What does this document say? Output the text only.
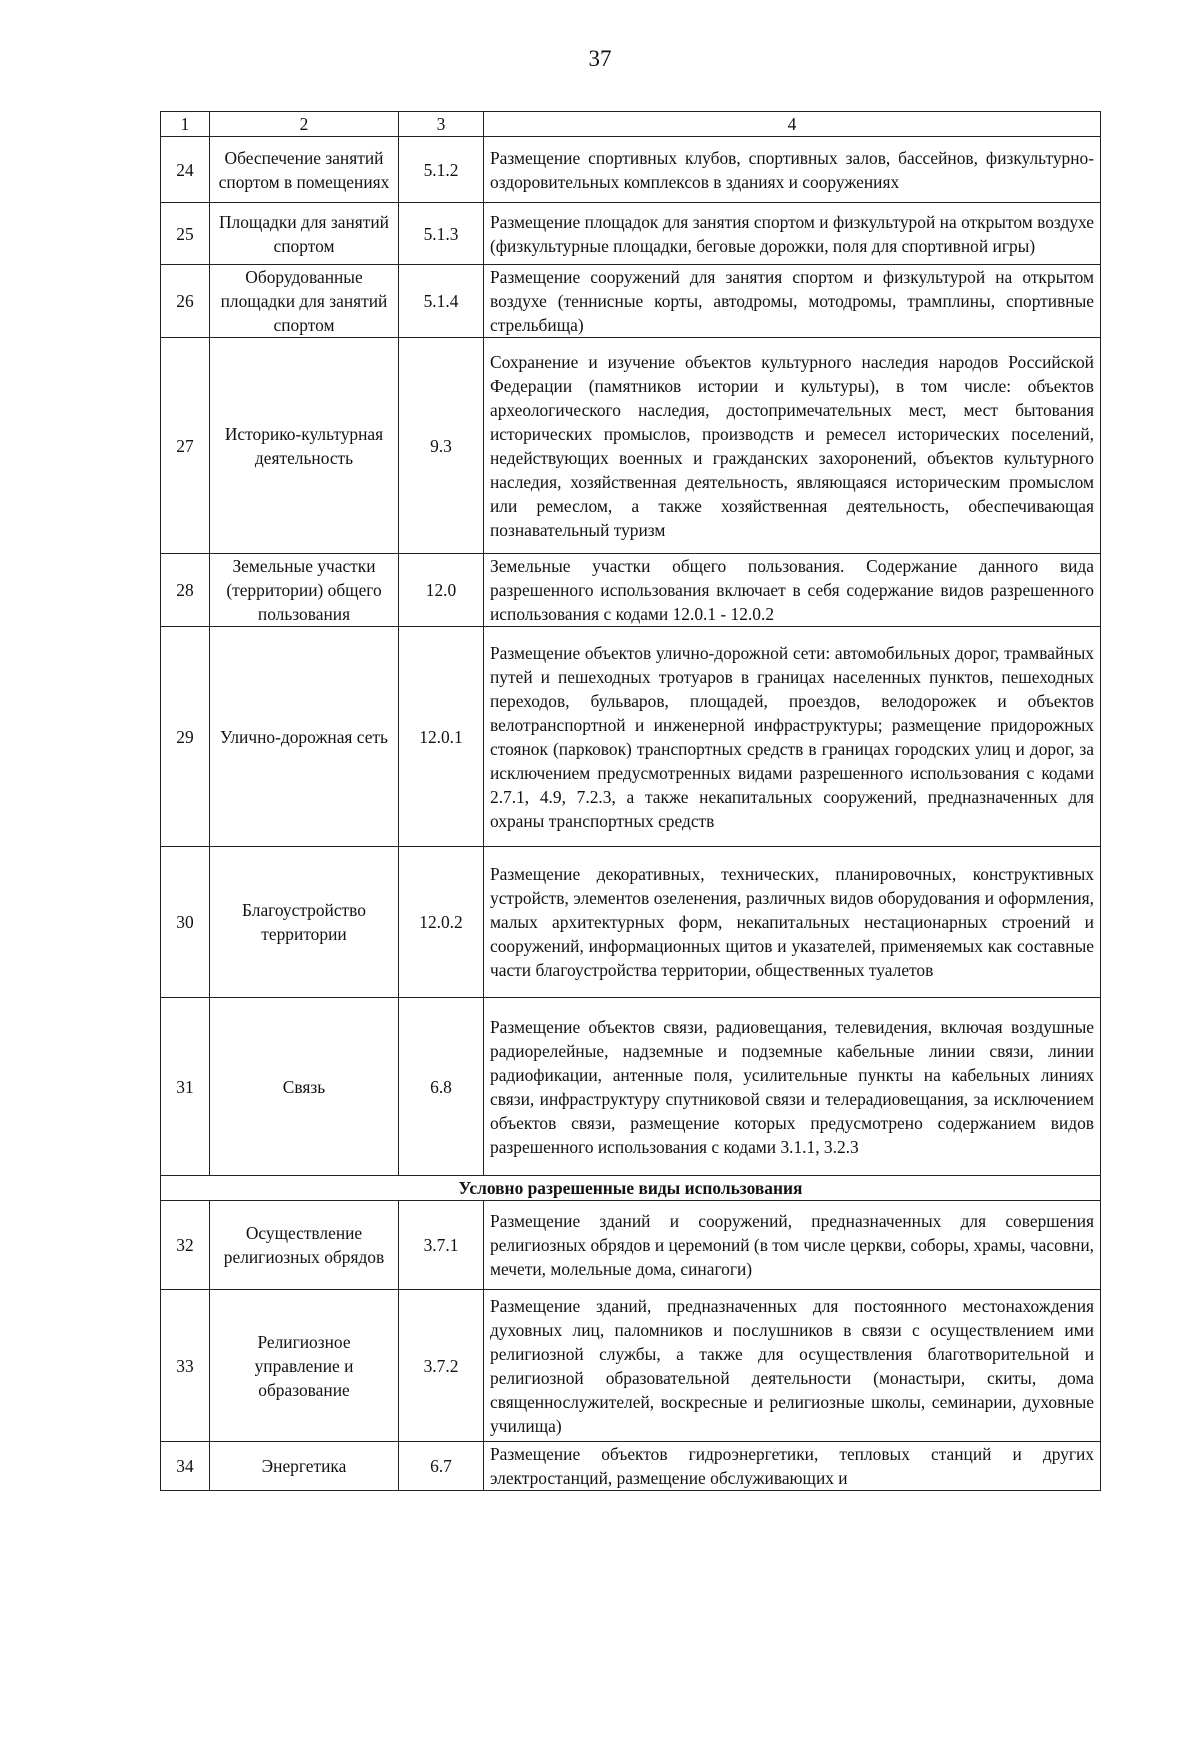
37
1	2	3	4
24	Обеспечение занятий спортом в помещениях	5.1.2	Размещение спортивных клубов, спортивных залов, бассейнов, физкультурно-оздоровительных комплексов в зданиях и сооружениях
25	Площадки для занятий спортом	5.1.3	Размещение площадок для занятия спортом и физкультурой на открытом воздухе (физкультурные площадки, беговые дорожки, поля для спортивной игры)
26	Оборудованные площадки для занятий спортом	5.1.4	Размещение сооружений для занятия спортом и физкультурой на открытом воздухе (теннисные корты, автодромы, мотодромы, трамплины, спортивные стрельбища)
27	Историко-культурная деятельность	9.3	Сохранение и изучение объектов культурного наследия народов Российской Федерации (памятников истории и культуры), в том числе: объектов археологического наследия, достопримечательных мест, мест бытования исторических промыслов, производств и ремесел исторических поселений, недействующих военных и гражданских захоронений, объектов культурного наследия, хозяйственная деятельность, являющаяся историческим промыслом или ремеслом, а также хозяйственная деятельность, обеспечивающая познавательный туризм
28	Земельные участки (территории) общего пользования	12.0	Земельные участки общего пользования. Содержание данного вида разрешенного использования включает в себя содержание видов разрешенного использования с кодами 12.0.1 - 12.0.2
29	Улично-дорожная сеть	12.0.1	Размещение объектов улично-дорожной сети: автомобильных дорог, трамвайных путей и пешеходных тротуаров в границах населенных пунктов, пешеходных переходов, бульваров, площадей, проездов, велодорожек и объектов велотранспортной и инженерной инфраструктуры; размещение придорожных стоянок (парковок) транспортных средств в границах городских улиц и дорог, за исключением предусмотренных видами разрешенного использования с кодами 2.7.1, 4.9, 7.2.3, а также некапитальных сооружений, предназначенных для охраны транспортных средств
30	Благоустройство территории	12.0.2	Размещение декоративных, технических, планировочных, конструктивных устройств, элементов озеленения, различных видов оборудования и оформления, малых архитектурных форм, некапитальных нестационарных строений и сооружений, информационных щитов и указателей, применяемых как составные части благоустройства территории, общественных туалетов
31	Связь	6.8	Размещение объектов связи, радиовещания, телевидения, включая воздушные радиорелейные, надземные и подземные кабельные линии связи, линии радиофикации, антенные поля, усилительные пункты на кабельных линиях связи, инфраструктуру спутниковой связи и телерадиовещания, за исключением объектов связи, размещение которых предусмотрено содержанием видов разрешенного использования с кодами 3.1.1, 3.2.3
Условно разрешенные виды использования			
32	Осуществление религиозных обрядов	3.7.1	Размещение зданий и сооружений, предназначенных для совершения религиозных обрядов и церемоний (в том числе церкви, соборы, храмы, часовни, мечети, молельные дома, синагоги)
33	Религиозное управление и образование	3.7.2	Размещение зданий, предназначенных для постоянного местонахождения духовных лиц, паломников и послушников в связи с осуществлением ими религиозной службы, а также для осуществления благотворительной и религиозной образовательной деятельности (монастыри, скиты, дома священнослужителей, воскресные и религиозные школы, семинарии, духовные училища)
34	Энергетика	6.7	Размещение объектов гидроэнергетики, тепловых станций и других электростанций, размещение обслуживающих и
